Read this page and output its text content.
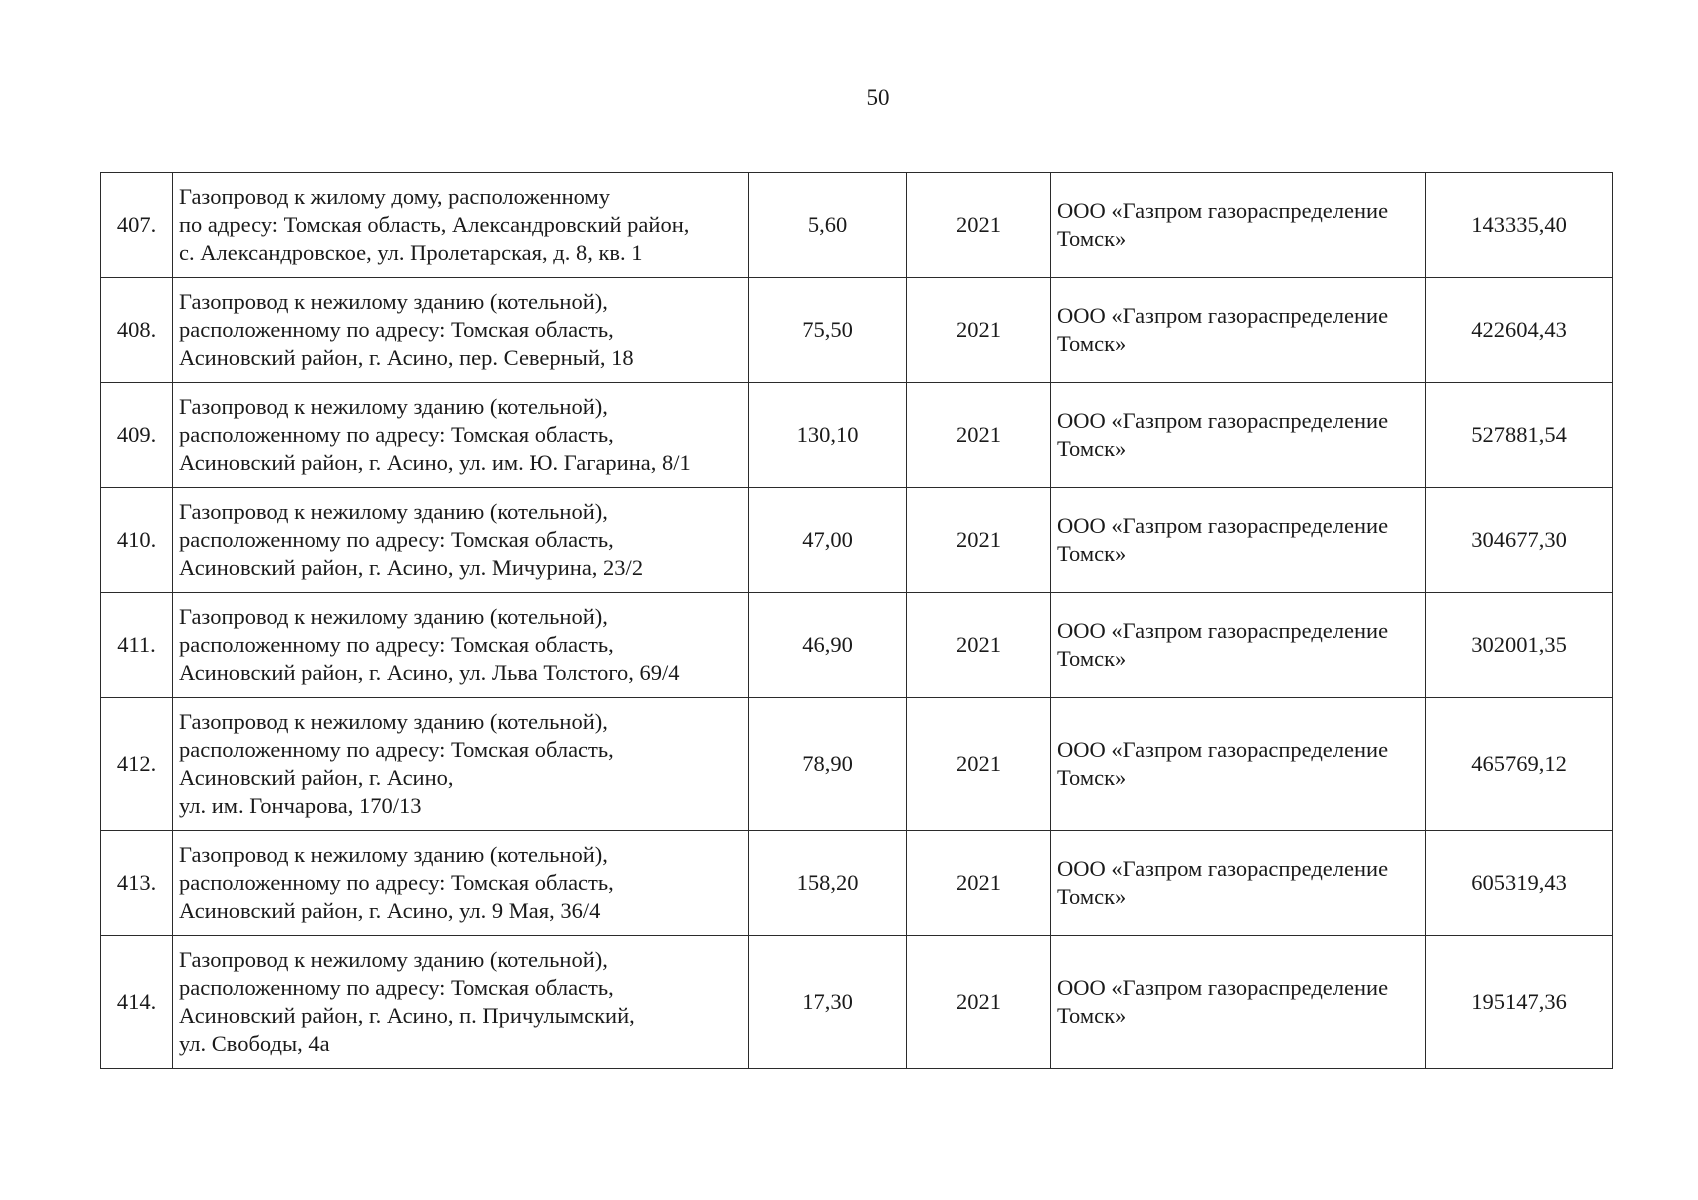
50
407.	Газопровод к жилому дому, расположенному
по адресу: Томская область, Александровский район,
с. Александровское, ул. Пролетарская, д. 8, кв. 1	5,60	2021	ООО «Газпром газораспределение
Томск»	143335,40
408.	Газопровод к нежилому зданию (котельной),
расположенному по адресу: Томская область,
Асиновский район, г. Асино, пер. Северный, 18	75,50	2021	ООО «Газпром газораспределение
Томск»	422604,43
409.	Газопровод к нежилому зданию (котельной),
расположенному по адресу: Томская область,
Асиновский район, г. Асино, ул. им. Ю. Гагарина, 8/1	130,10	2021	ООО «Газпром газораспределение
Томск»	527881,54
410.	Газопровод к нежилому зданию (котельной),
расположенному по адресу: Томская область,
Асиновский район, г. Асино, ул. Мичурина, 23/2	47,00	2021	ООО «Газпром газораспределение
Томск»	304677,30
411.	Газопровод к нежилому зданию (котельной),
расположенному по адресу: Томская область,
Асиновский район, г. Асино, ул. Льва Толстого, 69/4	46,90	2021	ООО «Газпром газораспределение
Томск»	302001,35
412.	Газопровод к нежилому зданию (котельной),
расположенному по адресу: Томская область,
Асиновский район, г. Асино,
ул. им. Гончарова, 170/13	78,90	2021	ООО «Газпром газораспределение
Томск»	465769,12
413.	Газопровод к нежилому зданию (котельной),
расположенному по адресу: Томская область,
Асиновский район, г. Асино, ул. 9 Мая, 36/4	158,20	2021	ООО «Газпром газораспределение
Томск»	605319,43
414.	Газопровод к нежилому зданию (котельной),
расположенному по адресу: Томская область,
Асиновский район, г. Асино, п. Причулымский,
ул. Свободы, 4а	17,30	2021	ООО «Газпром газораспределение
Томск»	195147,36
